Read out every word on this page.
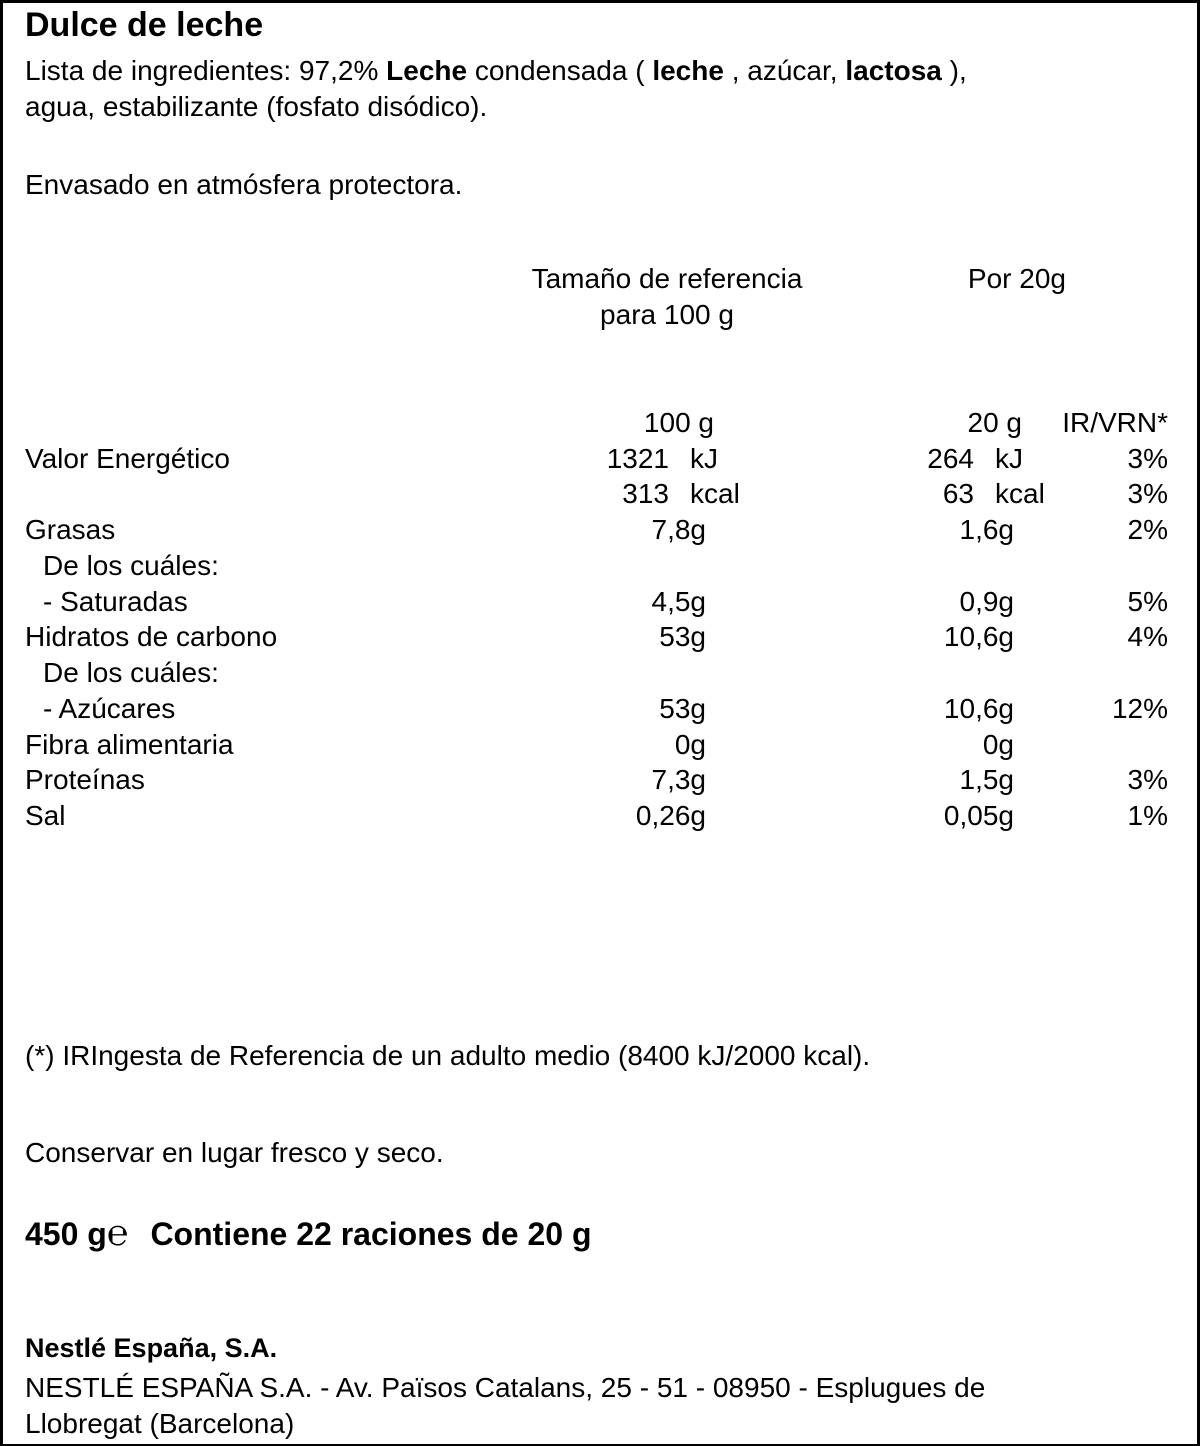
Dulce de leche
Lista de ingredientes: 97,2% Leche condensada ( leche , azúcar, lactosa ),
agua, estabilizante (fosfato disódico).
Envasado en atmósfera protectora.
Tamaño de referencia
para 100 g
Por 20g
100 g	20 g IR/VRN*
Valor Energético	1321 kJ	264 kJ	3%
313 kcal	63 kcal	3%
Grasas	7,8g	1,6g	2%
De los cuáles:
- Saturadas	4,5g	0,9g	5%
Hidratos de carbono	53g	10,6g	4%
De los cuáles:
- Azúcares	53g	10,6g	12%
Fibra alimentaria	0g	0g
Proteínas	7,3g	1,5g	3%
Sal	0,26g	0,05g	1%
(*) IRIngesta de Referencia de un adulto medio (8400 kJ/2000 kcal).
Conservar en lugar fresco y seco.
450 g℮ Contiene 22 raciones de 20 g
Nestlé España, S.A.
NESTLÉ ESPAÑA S.A. - Av. Països Catalans, 25 - 51 - 08950 - Esplugues de
Llobregat (Barcelona)
